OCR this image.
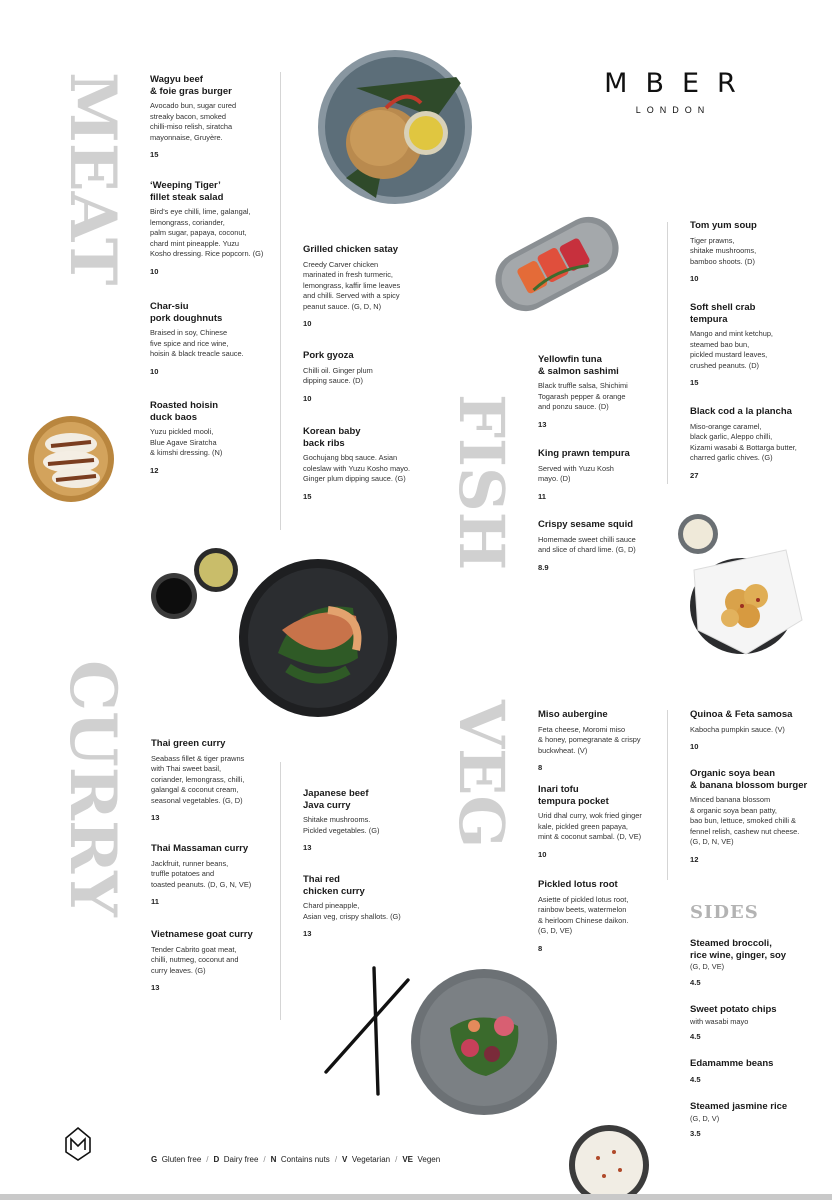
MEAT
CURRY
FISH
VEG
SIDES
MBER
LONDON
Wagyu beef
& foie gras burger
Avocado bun, sugar cured
streaky bacon, smoked
chilli-miso relish, siratcha
mayonnaise, Gruyère.
15
‘Weeping Tiger’
fillet steak salad
Bird’s eye chilli, lime, galangal,
lemongrass, coriander,
palm sugar, papaya, coconut,
chard mint pineapple. Yuzu
Kosho dressing. Rice popcorn. (G)
10
Char-siu
pork doughnuts
Braised in soy, Chinese
five spice and rice wine,
hoisin & black treacle sauce.
10
Roasted hoisin
duck baos
Yuzu pickled mooli,
Blue Agave Siratcha
& kimshi dressing. (N)
12
Grilled chicken satay
Creedy Carver chicken
marinated in fresh turmeric,
lemongrass, kaffir lime leaves
and chilli. Served with a spicy
peanut sauce. (G, D, N)
10
Pork gyoza
Chilli oil. Ginger plum
dipping sauce. (D)
10
Korean baby
back ribs
Gochujang bbq sauce. Asian
coleslaw with Yuzu Kosho mayo.
Ginger plum dipping sauce. (G)
15
Yellowfin tuna
& salmon sashimi
Black truffle salsa, Shichimi
Togarash pepper & orange
and ponzu sauce. (D)
13
King prawn tempura
Served with Yuzu Kosh
mayo. (D)
11
Crispy sesame squid
Homemade sweet chilli sauce
and slice of chard lime. (G, D)
8.9
Tom yum soup
Tiger prawns,
shitake mushrooms,
bamboo shoots. (D)
10
Soft shell crab
tempura
Mango and mint ketchup,
steamed bao bun,
pickled mustard leaves,
crushed peanuts. (D)
15
Black cod a la plancha
Miso-orange caramel,
black garlic, Aleppo chilli,
Kizami wasabi & Bottarga butter,
charred garlic chives. (G)
27
Thai green curry
Seabass fillet & tiger prawns
with Thai sweet basil,
coriander, lemongrass, chilli,
galangal & coconut cream,
seasonal vegetables. (G, D)
13
Thai Massaman curry
Jackfruit, runner beans,
truffle potatoes and
toasted peanuts. (D, G, N, VE)
11
Vietnamese goat curry
Tender Cabrito goat meat,
chilli, nutmeg, coconut and
curry leaves. (G)
13
Japanese beef
Java curry
Shitake mushrooms.
Pickled vegetables. (G)
13
Thai red
chicken curry
Chard pineapple,
Asian veg, crispy shallots. (G)
13
Miso aubergine
Feta cheese, Moromi miso
& honey, pomegranate & crispy
buckwheat. (V)
8
Inari tofu
tempura pocket
Urid dhal curry, wok fried ginger
kale, pickled green papaya,
mint & coconut sambal. (D, VE)
10
Pickled lotus root
Asiette of pickled lotus root,
rainbow beets, watermelon
& heirloom Chinese daikon.
(G, D, VE)
8
Quinoa & Feta samosa
Kabocha pumpkin sauce. (V)
10
Organic soya bean
& banana blossom burger
Minced banana blossom
& organic soya bean patty,
bao bun, lettuce, smoked chilli &
fennel relish, cashew nut cheese.
(G, D, N, VE)
12
Steamed broccoli,
rice wine, ginger, soy
(G, D, VE)
4.5
Sweet potato chips
with wasabi mayo
4.5
Edamamme beans
4.5
Steamed jasmine rice
(G, D, V)
3.5
G Gluten free / D Dairy free / N Contains nuts / V Vegetarian / VE Vegen
